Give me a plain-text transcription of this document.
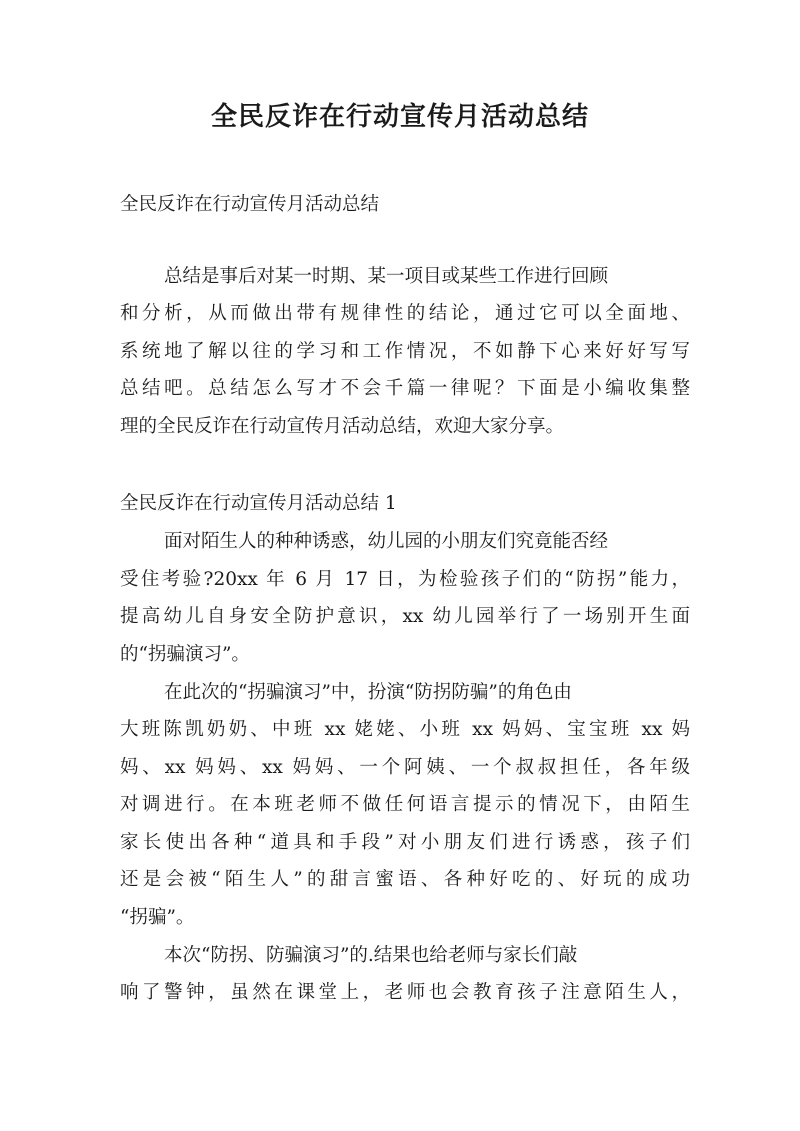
全民反诈在行动宣传月活动总结

全民反诈在行动宣传月活动总结

总结是事后对某一时期、某一项目或某些工作进行回顾

和分析，从而做出带有规律性的结论，通过它可以全面地、

系统地了解以往的学习和工作情况，不如静下心来好好写写

总结吧。总结怎么写才不会千篇一律呢？下面是小编收集整

理的全民反诈在行动宣传月活动总结，欢迎大家分享。

全民反诈在行动宣传月活动总结 1

面对陌生人的种种诱惑，幼儿园的小朋友们究竟能否经

受住考验?20xx 年 6 月 17 日，为检验孩子们的“防拐”能力，

提高幼儿自身安全防护意识，xx 幼儿园举行了一场别开生面

的“拐骗演习”。

在此次的“拐骗演习”中，扮演“防拐防骗”的角色由

大班陈凯奶奶、中班 xx 姥姥、小班 xx 妈妈、宝宝班 xx 妈

妈、xx 妈妈、xx 妈妈、一个阿姨、一个叔叔担任，各年级

对调进行。在本班老师不做任何语言提示的情况下，由陌生

家长使出各种“道具和手段”对小朋友们进行诱惑，孩子们

还是会被“陌生人”的甜言蜜语、各种好吃的、好玩的成功

“拐骗”。

本次“防拐、防骗演习”的.结果也给老师与家长们敲

响了警钟，虽然在课堂上，老师也会教育孩子注意陌生人，
